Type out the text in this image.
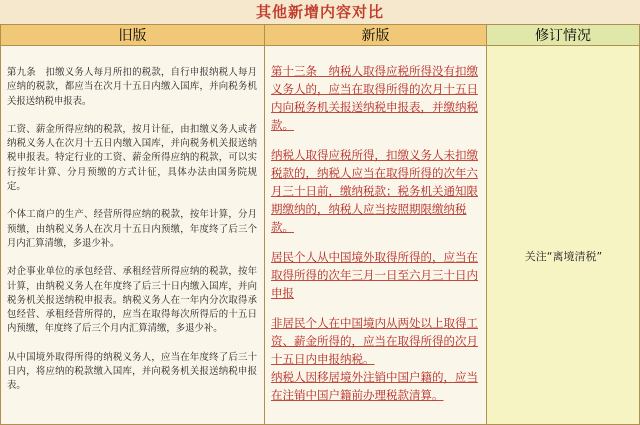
其他新增内容对比
旧版	新版	修订情况

第九条　扣缴义务人每月所扣的税款，自行申报纳税人每月应纳的税款，都应当在次月十五日内缴入国库，并向税务机关报送纳税申报表。

工资、薪金所得应纳的税款，按月计征，由扣缴义务人或者纳税义务人在次月十五日内缴入国库，并向税务机关报送纳税申报表。特定行业的工资、薪金所得应纳的税款，可以实行按年计算、分月预缴的方式计征，具体办法由国务院规定。

个体工商户的生产、经营所得应纳的税款，按年计算，分月预缴，由纳税义务人在次月十五日内预缴，年度终了后三个月内汇算清缴，多退少补。

对企事业单位的承包经营、承租经营所得应纳的税款，按年计算，由纳税义务人在年度终了后三十日内缴入国库，并向税务机关报送纳税申报表。纳税义务人在一年内分次取得承包经营、承租经营所得的，应当在取得每次所得后的十五日内预缴，年度终了后三个月内汇算清缴，多退少补。

从中国境外取得所得的纳税义务人，应当在年度终了后三十日内，将应纳的税款缴入国库，并向税务机关报送纳税申报表。

第十三条　纳税人取得应税所得没有扣缴义务人的，应当在取得所得的次月十五日内向税务机关报送纳税申报表，并缴纳税款。

纳税人取得应税所得，扣缴义务人未扣缴税款的，纳税人应当在取得所得的次年六月三十日前，缴纳税款；税务机关通知限期缴纳的，纳税人应当按照期限缴纳税款。

居民个人从中国境外取得所得的，应当在取得所得的次年三月一日至六月三十日内申报

非居民个人在中国境内从两处以上取得工资、薪金所得的，应当在取得所得的次月十五日内申报纳税。

纳税人因移居境外注销中国户籍的，应当在注销中国户籍前办理税款清算。

关注“离境清税”
